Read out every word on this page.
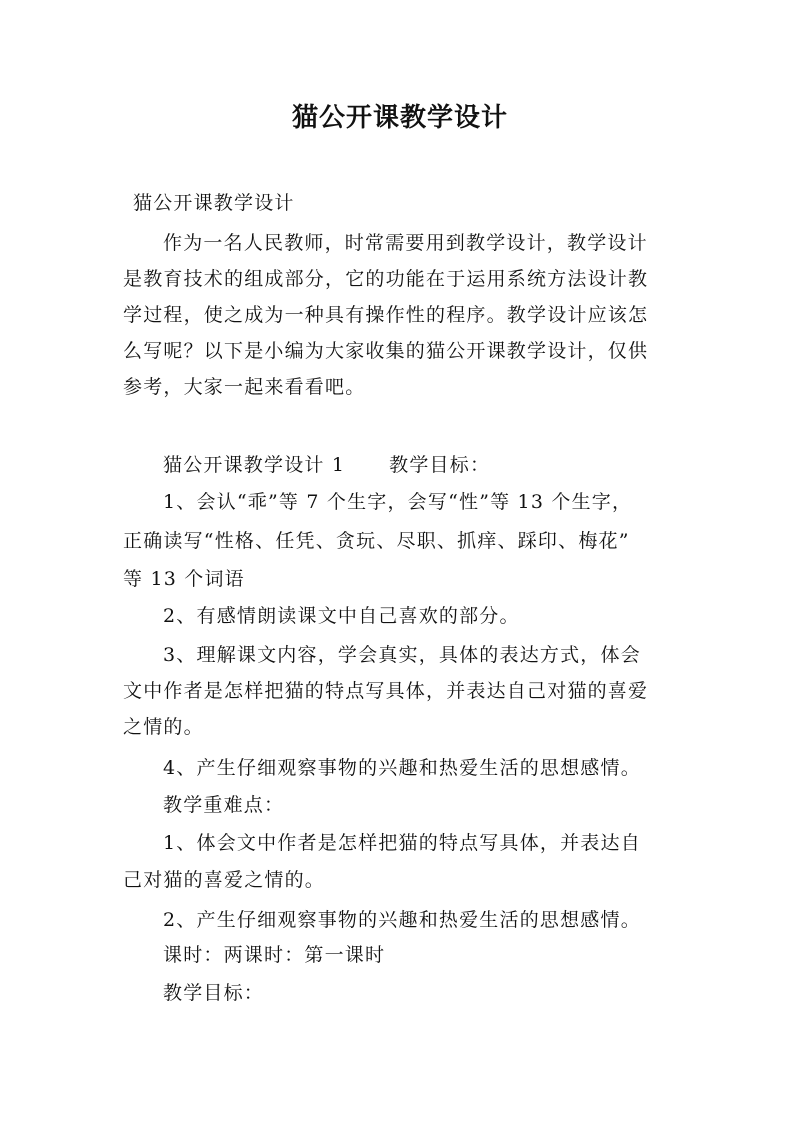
猫公开课教学设计
猫公开课教学设计
作为一名人民教师，时常需要用到教学设计，教学设计
是教育技术的组成部分，它的功能在于运用系统方法设计教
学过程，使之成为一种具有操作性的程序。教学设计应该怎
么写呢？以下是小编为大家收集的猫公开课教学设计，仅供
参考，大家一起来看看吧。
猫公开课教学设计 1 教学目标：
1、会认“乖”等 7 个生字，会写“性”等 13 个生字，
正确读写“性格、任凭、贪玩、尽职、抓痒、踩印、梅花”
等 13 个词语
2、有感情朗读课文中自己喜欢的部分。
3、理解课文内容，学会真实，具体的表达方式，体会
文中作者是怎样把猫的特点写具体，并表达自己对猫的喜爱
之情的。
4、产生仔细观察事物的兴趣和热爱生活的思想感情。
教学重难点：
1、体会文中作者是怎样把猫的特点写具体，并表达自
己对猫的喜爱之情的。
2、产生仔细观察事物的兴趣和热爱生活的思想感情。
课时：两课时：第一课时
教学目标：
